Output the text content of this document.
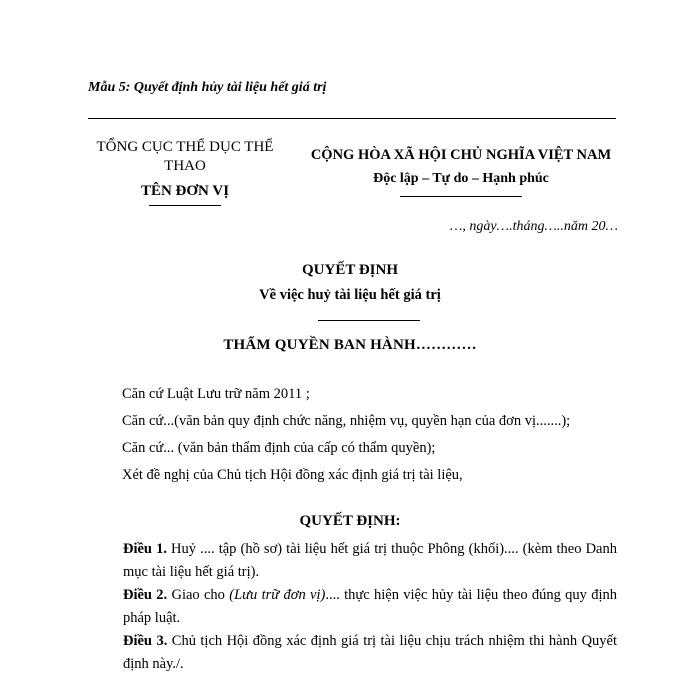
Mẫu 5: Quyết định hủy tài liệu hết giá trị
TỔNG CỤC THỂ DỤC THỂ
THAO
TÊN ĐƠN VỊ
CỘNG HÒA XÃ HỘI CHỦ NGHĨA VIỆT NAM
Độc lập – Tự do – Hạnh phúc
…, ngày….tháng…..năm 20…
QUYẾT ĐỊNH
Về việc huỷ tài liệu hết giá trị
THẨM QUYỀN BAN HÀNH…………
Căn cứ Luật Lưu trữ năm 2011 ;
Căn cứ...(văn bản quy định chức năng, nhiệm vụ, quyền hạn của đơn vị.......);
Căn cứ... (văn bản thẩm định của cấp có thẩm quyền);
Xét đề nghị của Chủ tịch Hội đồng xác định giá trị tài liệu,
QUYẾT ĐỊNH:
Điều 1. Huỷ .... tập (hồ sơ) tài liệu hết giá trị thuộc Phông (khối).... (kèm theo Danh mục tài liệu hết giá trị).
Điều 2. Giao cho (Lưu trữ đơn vị).... thực hiện việc hủy tài liệu theo đúng quy định pháp luật.
Điều 3. Chủ tịch Hội đồng xác định giá trị tài liệu chịu trách nhiệm thi hành Quyết định này./.
